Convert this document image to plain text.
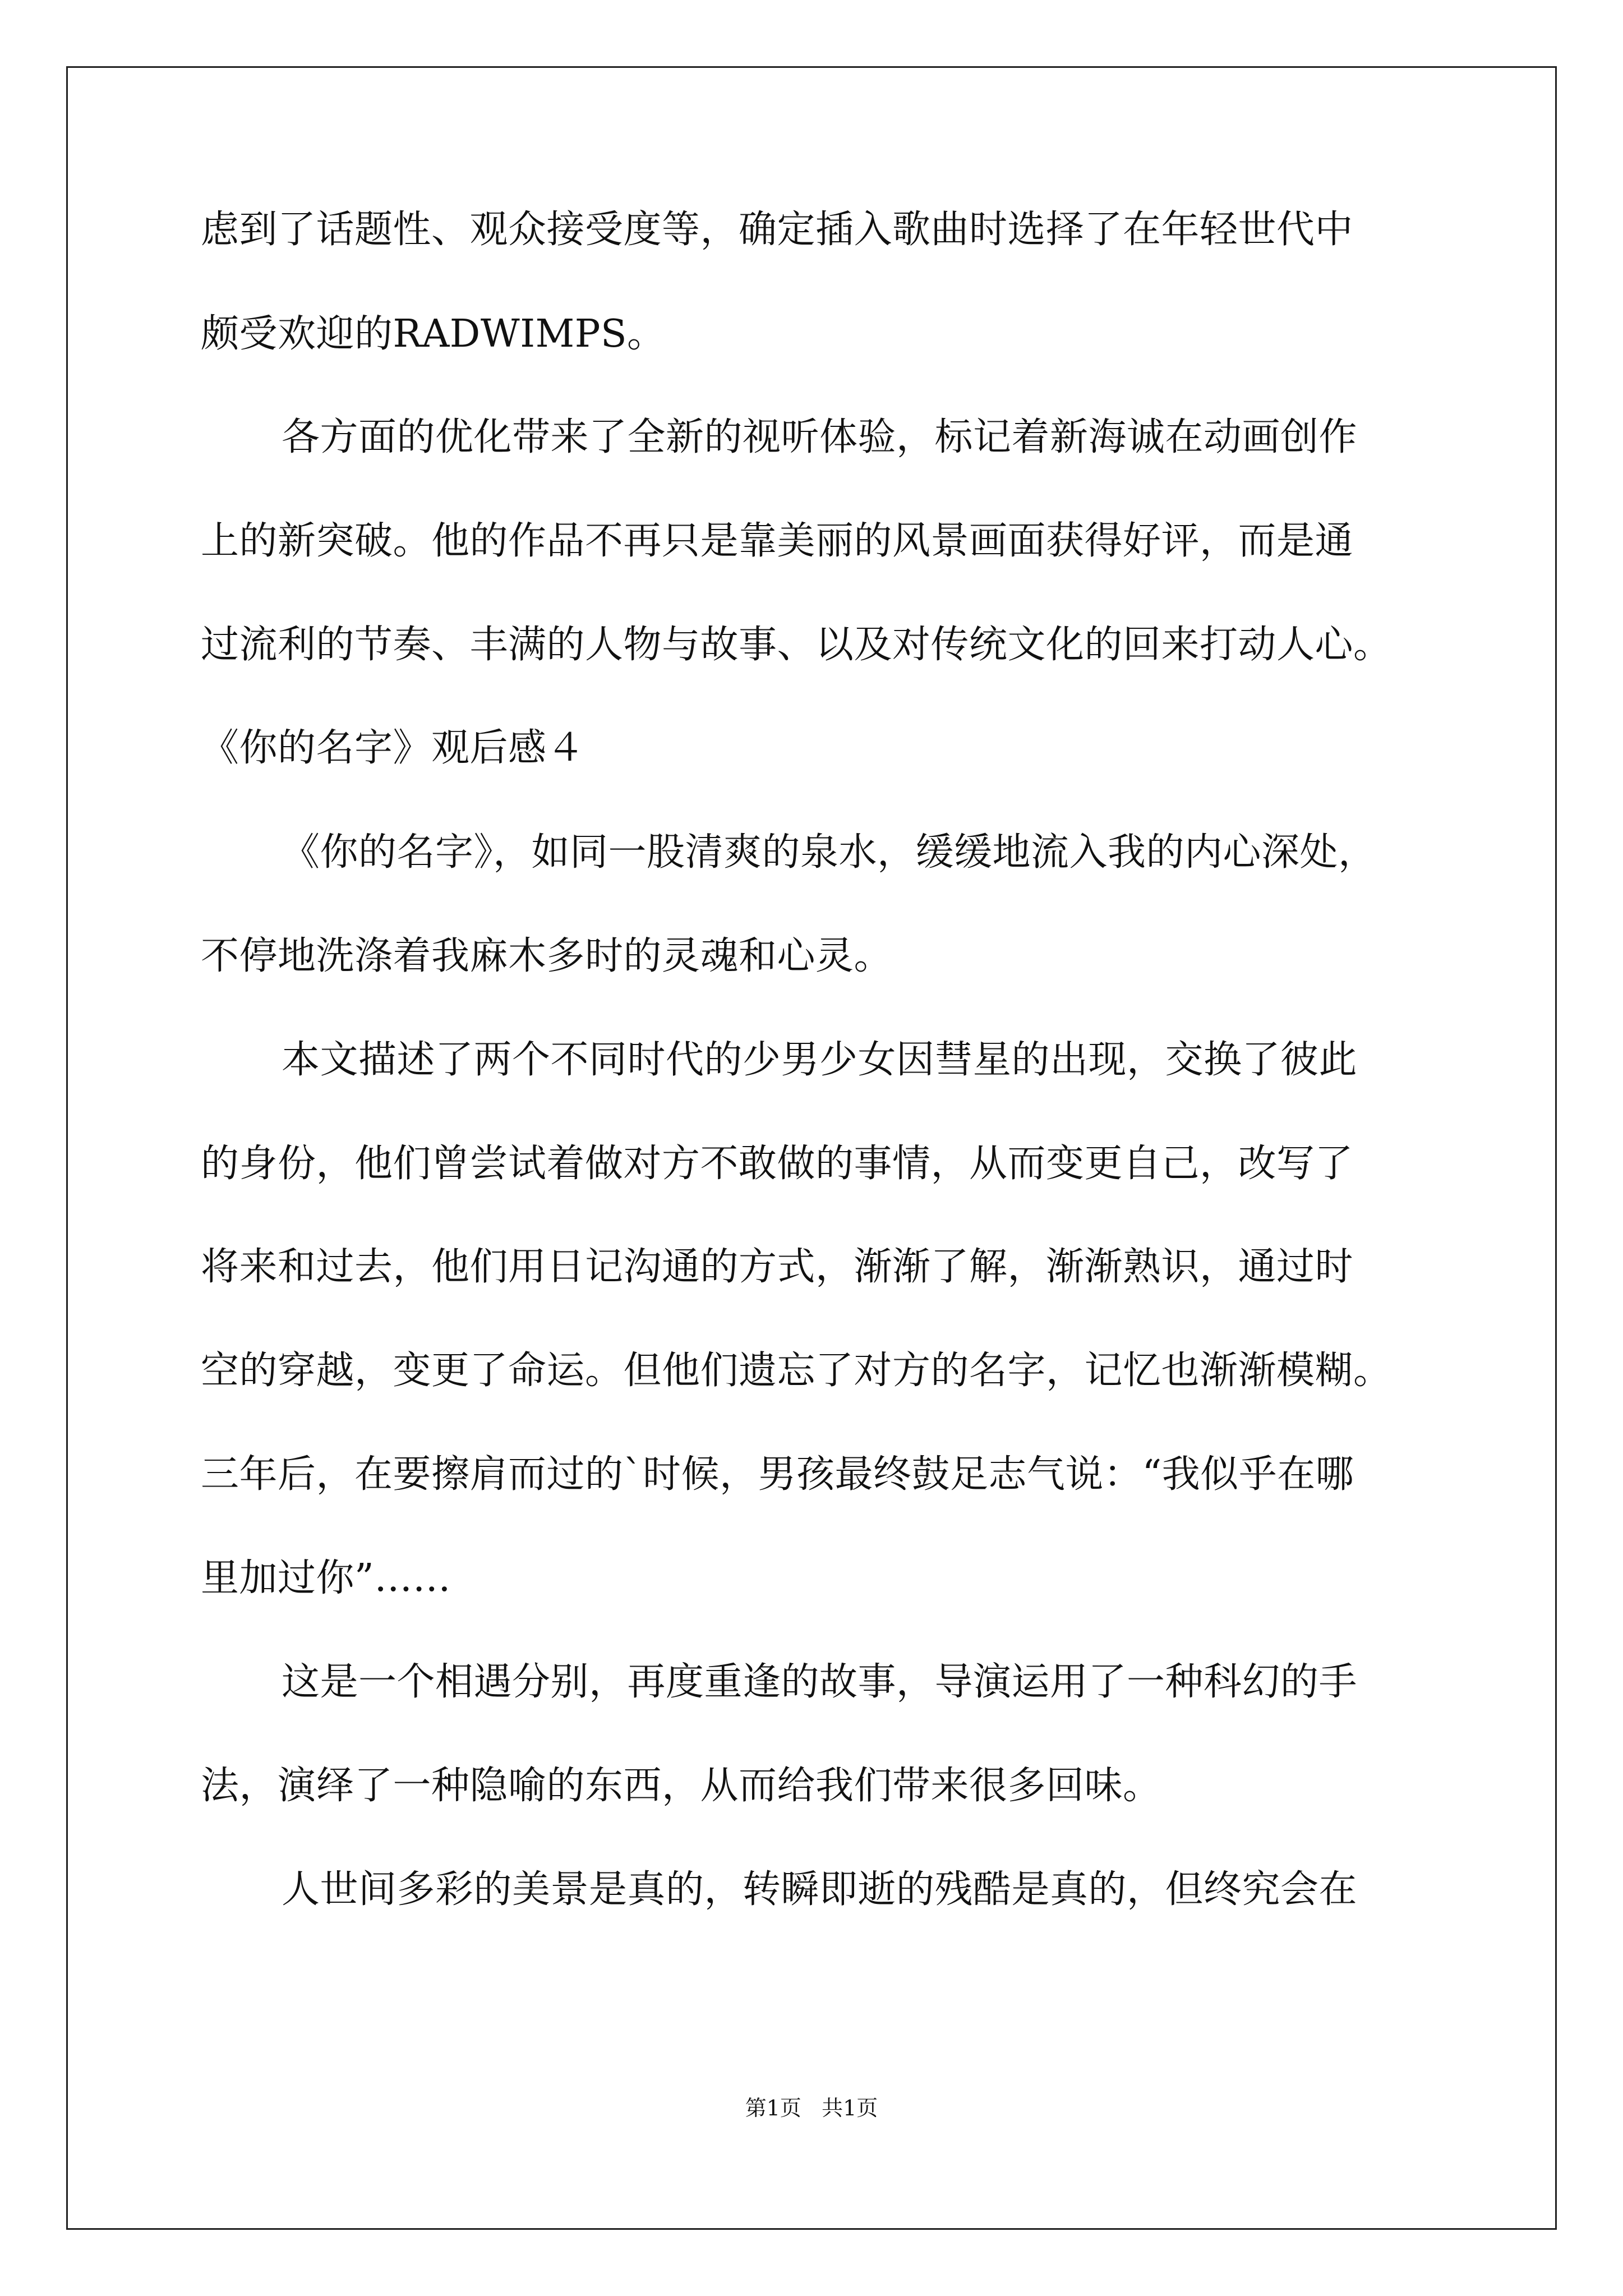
虑到了话题性、观众接受度等，确定插入歌曲时选择了在年轻世代中
颇受欢迎的RADWIMPS。
各方面的优化带来了全新的视听体验，标记着新海诚在动画创作
上的新突破。他的作品不再只是靠美丽的风景画面获得好评，而是通
过流利的节奏、丰满的人物与故事、以及对传统文化的回来打动人心。
《你的名字》观后感４
《你的名字》，如同一股清爽的泉水，缓缓地流入我的内心深处，
不停地洗涤着我麻木多时的灵魂和心灵。
本文描述了两个不同时代的少男少女因彗星的出现，交换了彼此
的身份，他们曾尝试着做对方不敢做的事情，从而变更自己，改写了
将来和过去，他们用日记沟通的方式，渐渐了解，渐渐熟识，通过时
空的穿越，变更了命运。但他们遗忘了对方的名字，记忆也渐渐模糊。
三年后，在要擦肩而过的`时候，男孩最终鼓足志气说：“我似乎在哪
里加过你”……
这是一个相遇分别，再度重逢的故事，导演运用了一种科幻的手
法，演绎了一种隐喻的东西，从而给我们带来很多回味。
人世间多彩的美景是真的，转瞬即逝的残酷是真的，但终究会在
第1页   共1页
